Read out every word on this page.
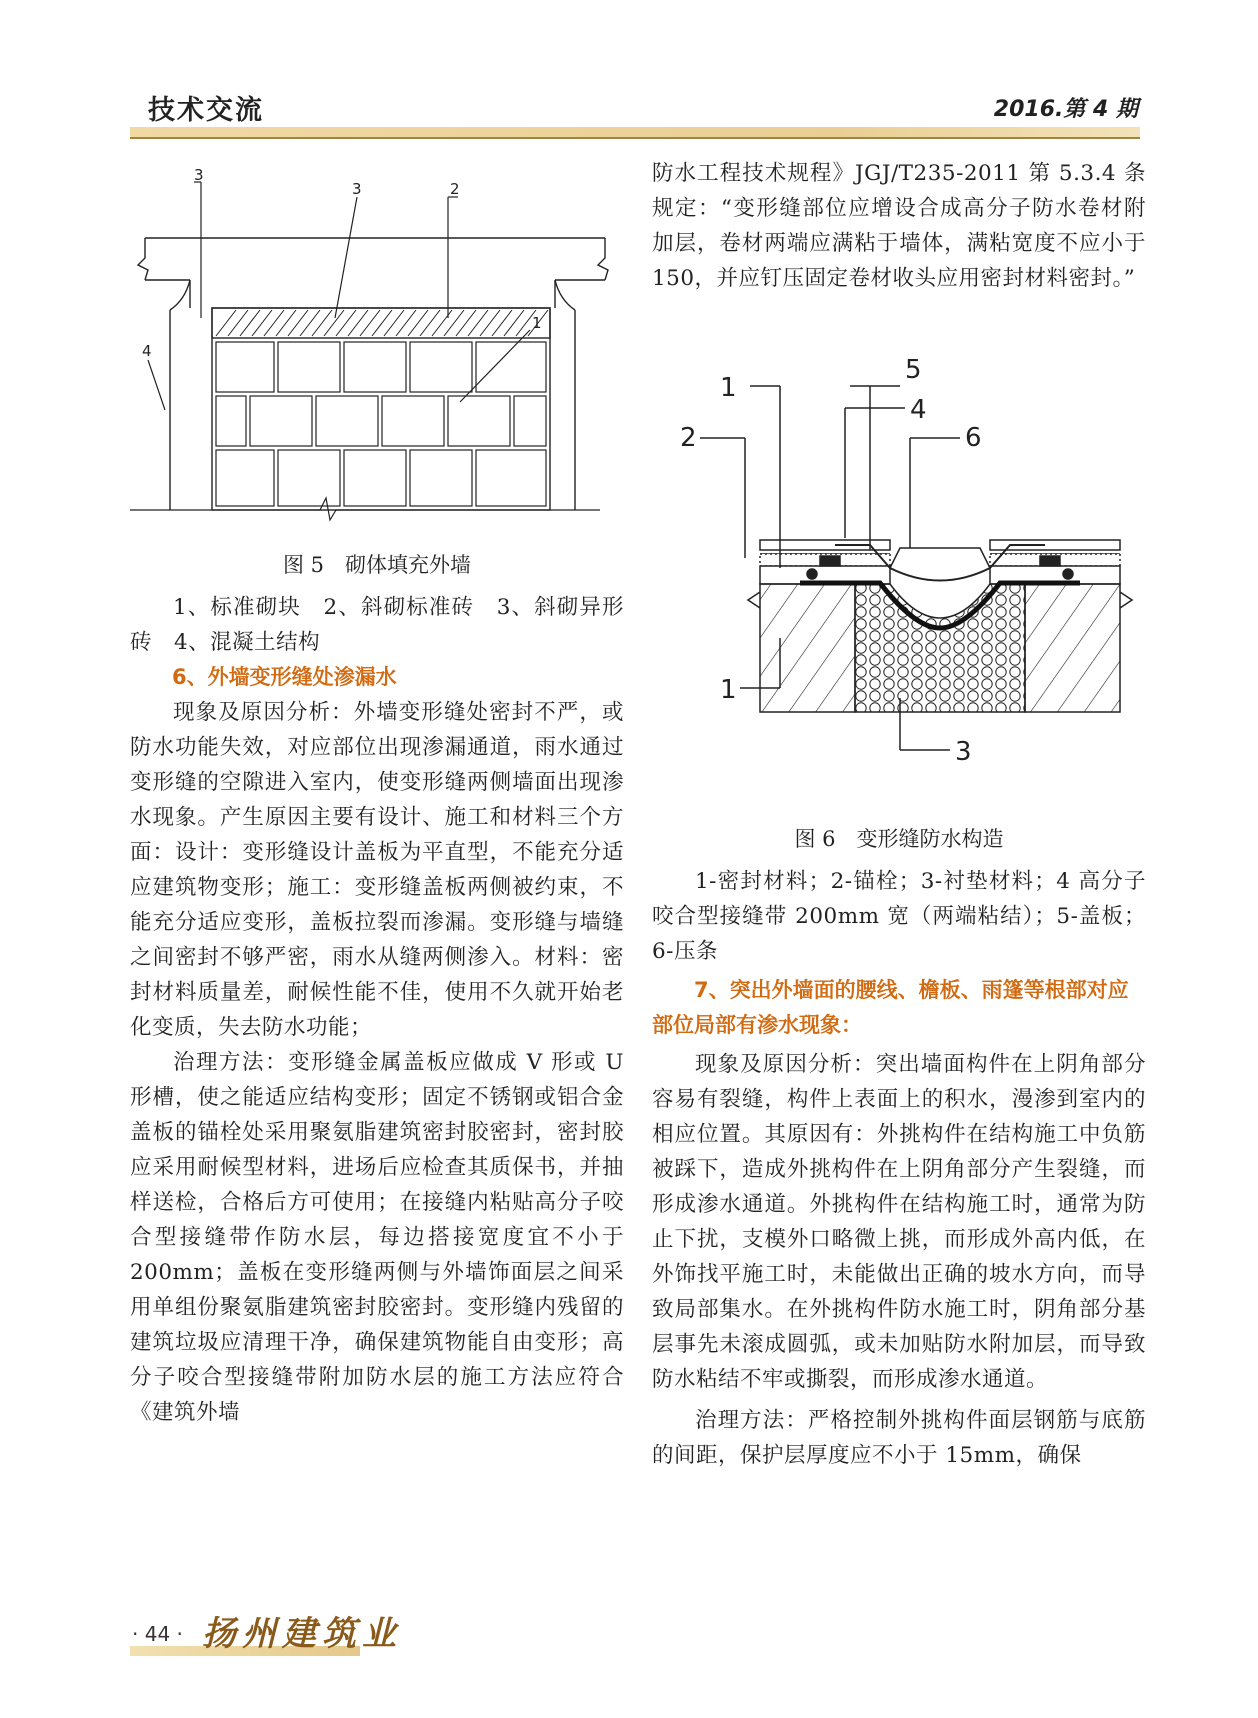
技术交流	2016.第 4 期
3
3	2
1
4

图 5　砌体填充外墙

1、标准砌块　2、斜砌标准砖　3、斜砌异形砖　4、混凝土结构

6、外墙变形缝处渗漏水

现象及原因分析：外墙变形缝处密封不严，或防水功能失效，对应部位出现渗漏通道，雨水通过变形缝的空隙进入室内，使变形缝两侧墙面出现渗水现象。产生原因主要有设计、施工和材料三个方面：设计：变形缝设计盖板为平直型，不能充分适应建筑物变形；施工：变形缝盖板两侧被约束，不能充分适应变形，盖板拉裂而渗漏。变形缝与墙缝之间密封不够严密，雨水从缝两侧渗入。材料：密封材料质量差，耐候性能不佳，使用不久就开始老化变质，失去防水功能；

治理方法：变形缝金属盖板应做成 V 形或 U 形槽，使之能适应结构变形；固定不锈钢或铝合金盖板的锚栓处采用聚氨脂建筑密封胶密封，密封胶应采用耐候型材料，进场后应检查其质保书，并抽样送检，合格后方可使用；在接缝内粘贴高分子咬合型接缝带作防水层，每边搭接宽度宜不小于 200mm；盖板在变形缝两侧与外墙饰面层之间采用单组份聚氨脂建筑密封胶密封。变形缝内残留的建筑垃圾应清理干净，确保建筑物能自由变形；高分子咬合型接缝带附加防水层的施工方法应符合《建筑外墙

防水工程技术规程》JGJ/T235-2011 第 5.3.4 条规定：“变形缝部位应增设合成高分子防水卷材附加层，卷材两端应满粘于墙体，满粘宽度不应小于 150，并应钉压固定卷材收头应用密封材料密封。”

1
5
2
4
6
1
3

图 6　变形缝防水构造

1-密封材料；2-锚栓；3-衬垫材料；4 高分子咬合型接缝带 200mm 宽（两端粘结）；5-盖板；6-压条

7、突出外墙面的腰线、檐板、雨篷等根部对应部位局部有渗水现象：

现象及原因分析：突出墙面构件在上阴角部分容易有裂缝，构件上表面上的积水，漫渗到室内的相应位置。其原因有：外挑构件在结构施工中负筋被踩下，造成外挑构件在上阴角部分产生裂缝，而形成渗水通道。外挑构件在结构施工时，通常为防止下扰，支模外口略微上挑，而形成外高内低，在外饰找平施工时，未能做出正确的坡水方向，而导致局部集水。在外挑构件防水施工时，阴角部分基层事先未滚成圆弧，或未加贴防水附加层，而导致防水粘结不牢或撕裂，而形成渗水通道。

治理方法：严格控制外挑构件面层钢筋与底筋的间距，保护层厚度应不小于 15mm，确保

· 44 · 扬州建筑业
